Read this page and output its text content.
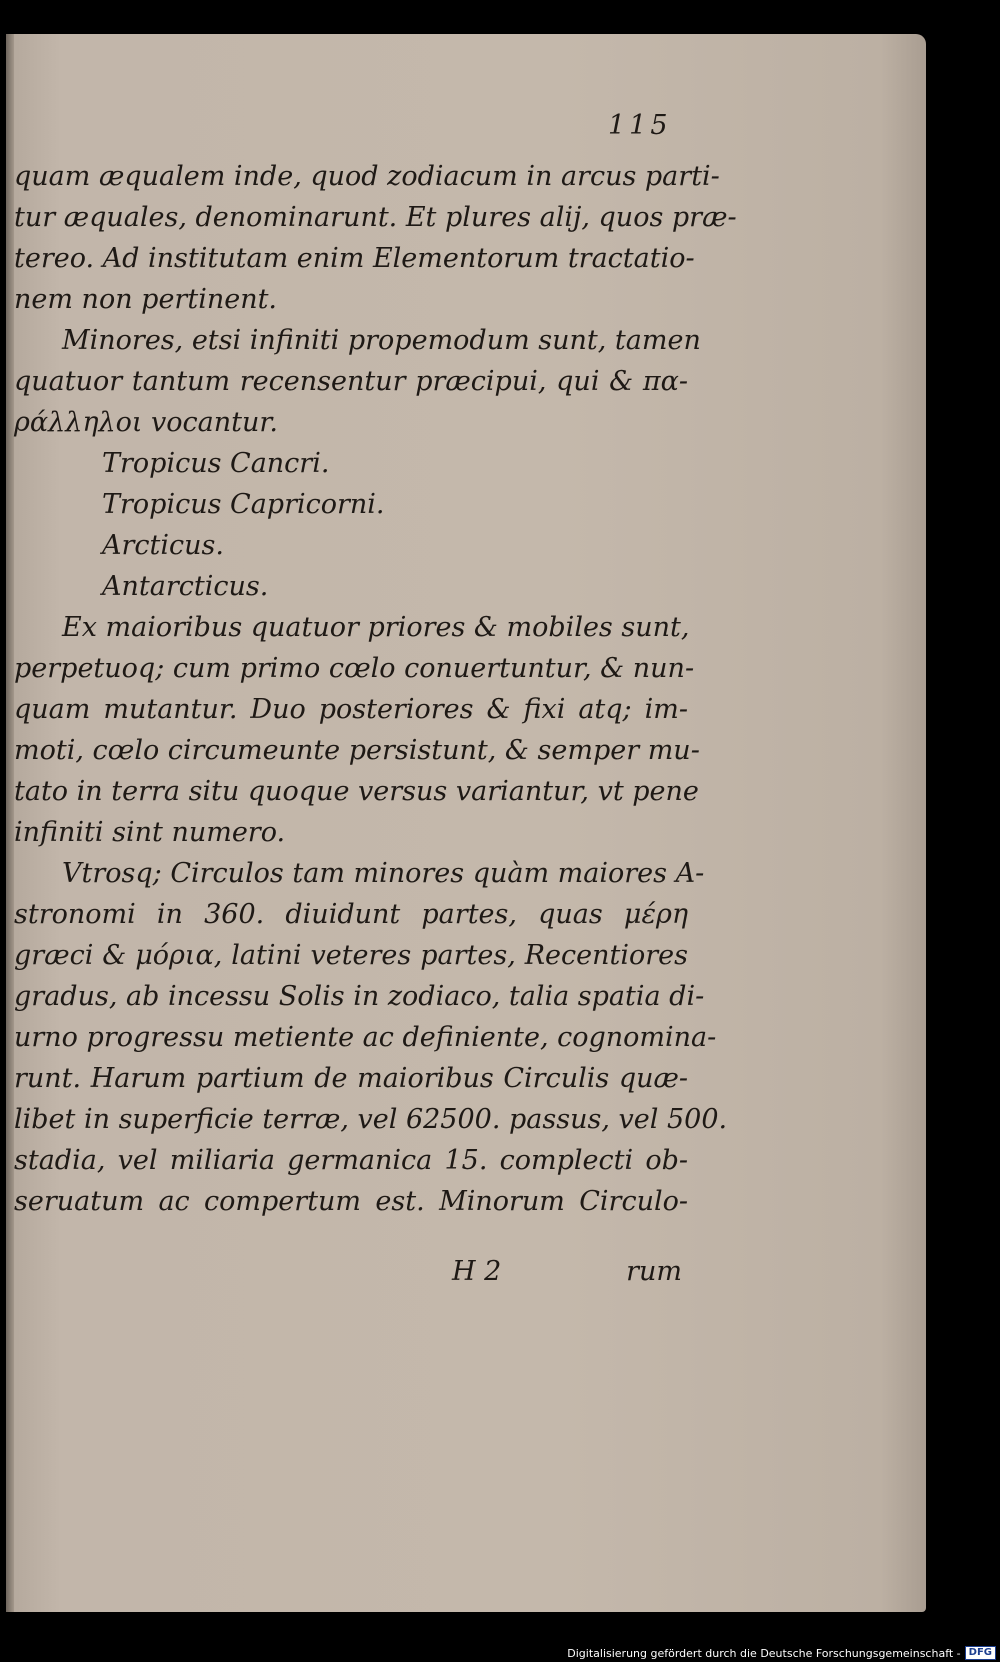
115
quam æqualem inde, quod zodiacum in arcus parti-
tur æquales, denominarunt. Et plures alij, quos præ-
tereo. Ad institutam enim Elementorum tractatio-
nem non pertinent.
Minores, etsi infiniti propemodum sunt, tamen
quatuor tantum recensentur præcipui, qui & πα-
ράλληλοι vocantur.
Tropicus Cancri.
Tropicus Capricorni.
Arcticus.
Antarcticus.
Ex maioribus quatuor priores & mobiles sunt,
perpetuoq; cum primo cœlo conuertuntur, & nun-
quam mutantur. Duo posteriores & fixi atq; im-
moti, cœlo circumeunte persistunt, & semper mu-
tato in terra situ quoque versus variantur, vt pene
infiniti sint numero.
Vtrosq; Circulos tam minores quàm maiores A-
stronomi in 360. diuidunt partes, quas μέρη
græci & μόρια, latini veteres partes, Recentiores
gradus, ab incessu Solis in zodiaco, talia spatia di-
urno progressu metiente ac definiente, cognomina-
runt. Harum partium de maioribus Circulis quæ-
libet in superficie terræ, vel 62500. passus, vel 500.
stadia, vel miliaria germanica 15. complecti ob-
seruatum ac compertum est. Minorum Circulo-
H 2	rum
Digitalisierung gefördert durch die Deutsche Forschungsgemeinschaft - DFG
